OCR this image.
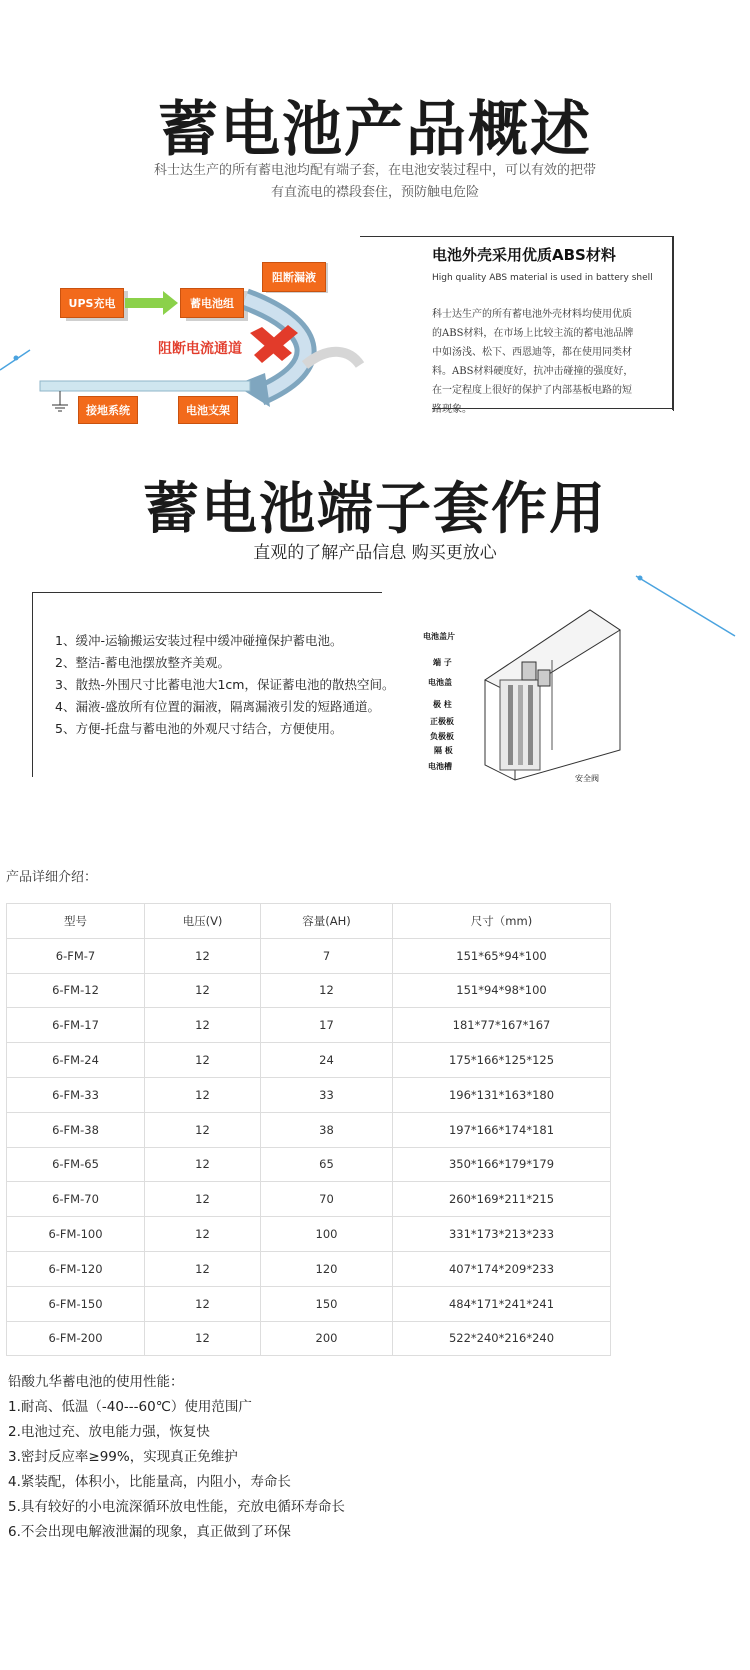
蓄电池产品概述
科士达生产的所有蓄电池均配有端子套，在电池安装过程中，可以有效的把带
有直流电的襟段套住，预防触电危险
UPS充电	蓄电池组
阻断漏液
阻断电流通道
接地系统	电池支架
电池外壳采用优质ABS材料
High quality ABS material is used in battery shell
科士达生产的所有蓄电池外壳材料均使用优质
的ABS材料，在市场上比较主流的蓄电池品牌
中如汤浅、松下、西恩迪等，都在使用同类材
料。ABS材料硬度好，抗冲击碰撞的强度好，
在一定程度上很好的保护了内部基板电路的短
路现象。
蓄电池端子套作用
直观的了解产品信息 购买更放心
1、缓冲-运输搬运安装过程中缓冲碰撞保护蓄电池。
2、整洁-蓄电池摆放整齐美观。
3、散热-外围尺寸比蓄电池大1cm，保证蓄电池的散热空间。
4、漏液-盛放所有位置的漏液，隔离漏液引发的短路通道。
5、方便-托盘与蓄电池的外观尺寸结合，方便使用。
电池盖片
端 子
电池盖
极 柱
正极板
负极板
隔 板
电池槽
安全阀
产品详细介绍：
型号	电压(V)	容量(AH)	尺寸（mm)
6-FM-7	12	7	151*65*94*100
6-FM-12	12	12	151*94*98*100
6-FM-17	12	17	181*77*167*167
6-FM-24	12	24	175*166*125*125
6-FM-33	12	33	196*131*163*180
6-FM-38	12	38	197*166*174*181
6-FM-65	12	65	350*166*179*179
6-FM-70	12	70	260*169*211*215
6-FM-100	12	100	331*173*213*233
6-FM-120	12	120	407*174*209*233
6-FM-150	12	150	484*171*241*241
6-FM-200	12	200	522*240*216*240
铅酸九华蓄电池的使用性能：
1.耐高、低温（-40---60℃）使用范围广
2.电池过充、放电能力强，恢复快
3.密封反应率≥99%，实现真正免维护
4.紧装配，体积小，比能量高，内阻小，寿命长
5.具有较好的小电流深循环放电性能，充放电循环寿命长
6.不会出现电解液泄漏的现象，真正做到了环保
